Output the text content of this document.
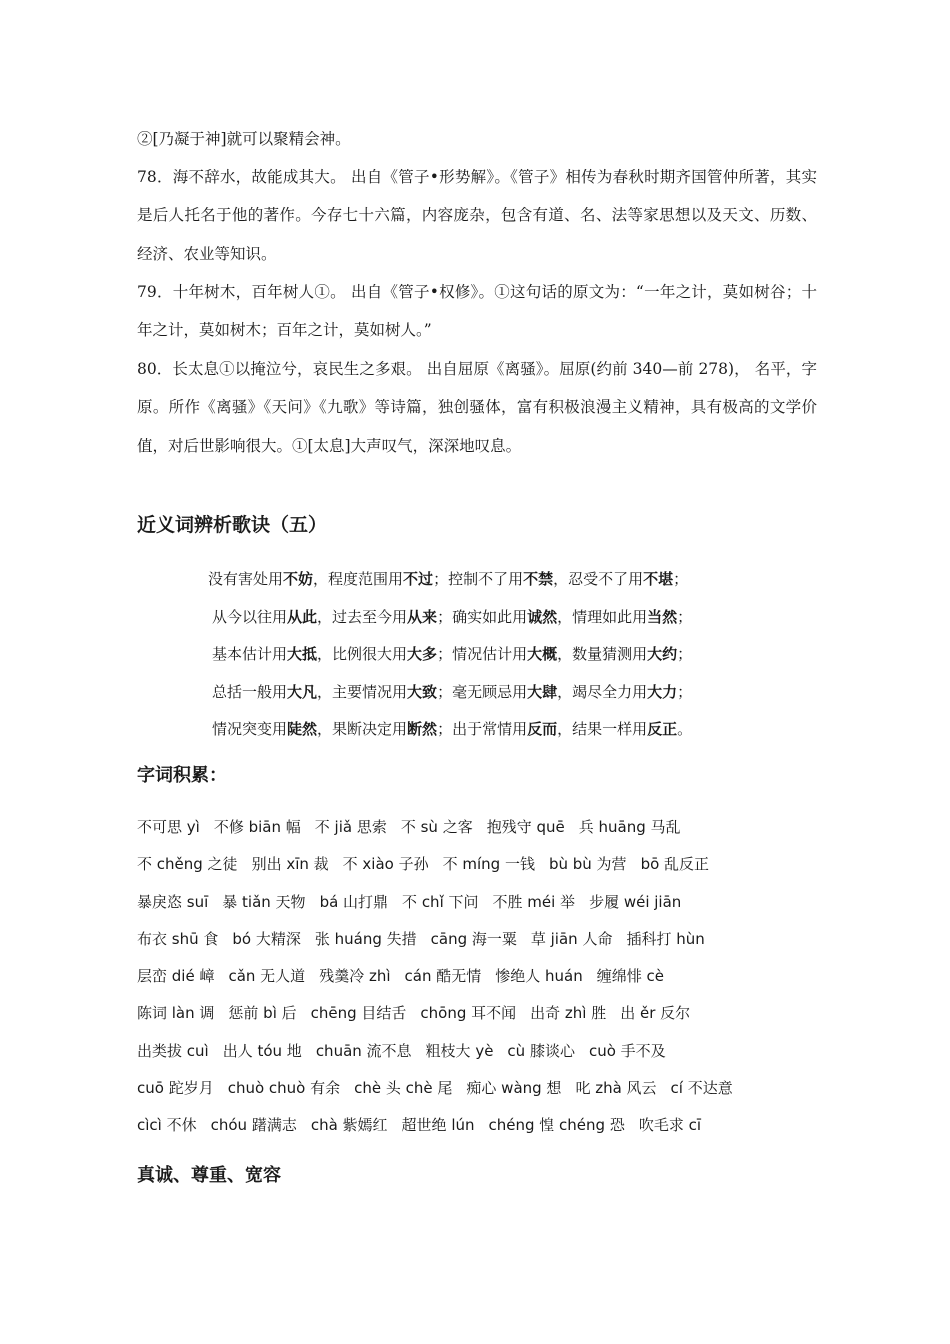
②[乃凝于神]就可以聚精会神。

78．海不辞水，故能成其大。 出自《管子•形势解》。《管子》相传为春秋时期齐国管仲所著，其实是后人托名于他的著作。今存七十六篇，内容庞杂，包含有道、名、法等家思想以及天文、历数、经济、农业等知识。

79．十年树木，百年树人①。 出自《管子•权修》。①这句话的原文为：“一年之计，莫如树谷；十年之计，莫如树木；百年之计，莫如树人。”

80．长太息①以掩泣兮，哀民生之多艰。 出自屈原《离骚》。屈原(约前 340—前 278)， 名平，字原。所作《离骚》《天问》《九歌》等诗篇，独创骚体，富有积极浪漫主义精神，具有极高的文学价值，对后世影响很大。①[太息]大声叹气，深深地叹息。

近义词辨析歌诀（五）
没有害处用不妨，程度范围用不过；控制不了用不禁，忍受不了用不堪；
从今以往用从此，过去至今用从来；确实如此用诚然，情理如此用当然；
基本估计用大抵，比例很大用大多；情况估计用大概，数量猜测用大约；
总括一般用大凡，主要情况用大致；毫无顾忌用大肆，竭尽全力用大力；
情况突变用陡然，果断决定用断然；出于常情用反而，结果一样用反正。
字词积累：
不可思 yì 不修 biān 幅 不 jiǎ 思索 不 sù 之客 抱残守 quē 兵 huāng 马乱
不 chěng 之徒 别出 xīn 裁 不 xiào 子孙 不 míng 一钱 bù bù 为营 bō 乱反正
暴戾恣 suī 暴 tiǎn 天物 bá 山打鼎 不 chǐ 下问 不胜 méi 举 步履 wéi jiān
布衣 shū 食 bó 大精深 张 huáng 失措 cāng 海一粟 草 jiān 人命 插科打 hùn
层峦 dié 嶂 cǎn 无人道 残羹冷 zhì cán 酷无情 惨绝人 huán 缠绵悱 cè
陈词 làn 调 惩前 bì 后 chēng 目结舌 chōng 耳不闻 出奇 zhì 胜 出 ěr 反尔
出类拔 cuì 出人 tóu 地 chuān 流不息 粗枝大 yè cù 膝谈心 cuò 手不及
cuō 跎岁月 chuò chuò 有余 chè 头 chè 尾 痴心 wàng 想 叱 zhà 风云 cí 不达意
cìcì 不休 chóu 躇满志 chà 紫嫣红 超世绝 lún chéng 惶 chéng 恐 吹毛求 cī
真诚、尊重、宽容
